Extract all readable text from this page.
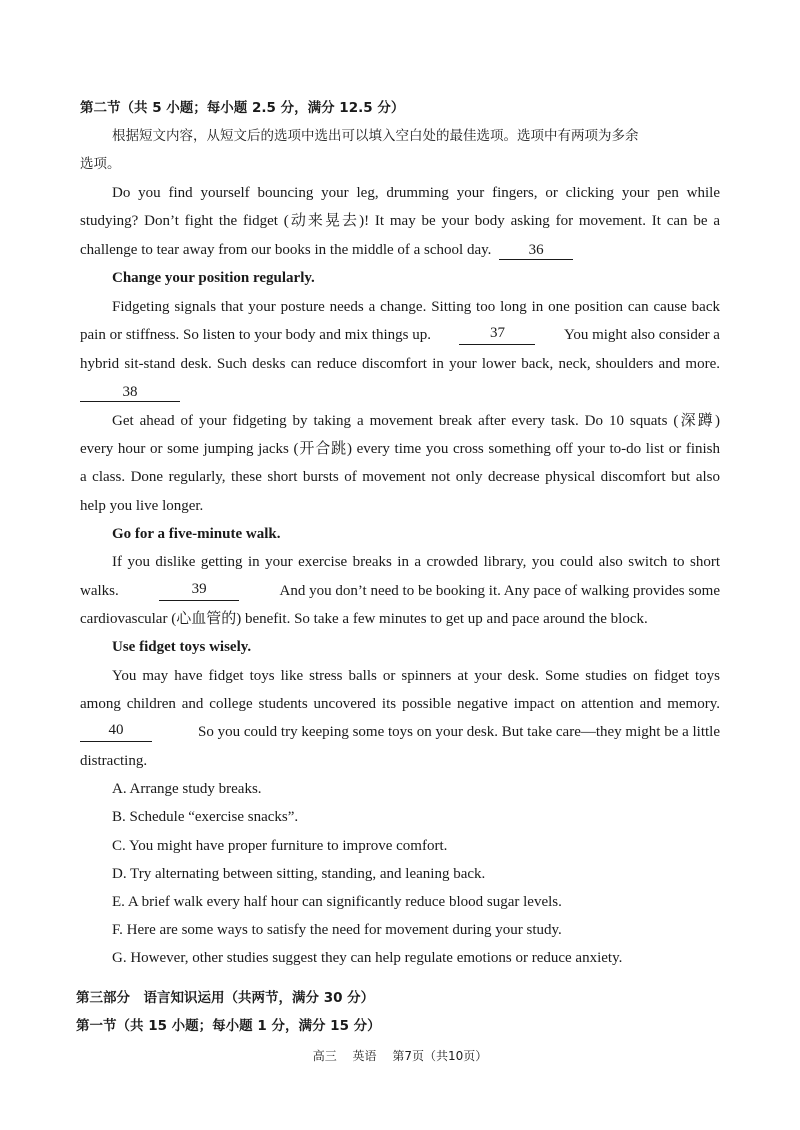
第二节（共 5 小题；每小题 2.5 分，满分 12.5 分）
根据短文内容，从短文后的选项中选出可以填入空白处的最佳选项。选项中有两项为多余
选项。
Do you find yourself bouncing your leg, drumming your fingers, or clicking your pen while
studying? Don’t fight the fidget (动来晃去)! It may be your body asking for movement. It can be a
challenge to tear away from our books in the middle of a school day. 36
Change your position regularly.
Fidgeting signals that your posture needs a change. Sitting too long in one position can cause back
pain or stiffness. So listen to your body and mix things up.	37	You might also consider a
hybrid sit-stand desk. Such desks can reduce discomfort in your lower back, neck, shoulders and more.
38
Get ahead of your fidgeting by taking a movement break after every task. Do 10 squats (深蹲)
every hour or some jumping jacks (开合跳) every time you cross something off your to-do list or finish
a class. Done regularly, these short bursts of movement not only decrease physical discomfort but also
help you live longer.
Go for a five-minute walk.
If you dislike getting in your exercise breaks in a crowded library, you could also switch to short
walks.	39	And you don’t need to be booking it. Any pace of walking provides some
cardiovascular (心血管的) benefit. So take a few minutes to get up and pace around the block.
Use fidget toys wisely.
You may have fidget toys like stress balls or spinners at your desk. Some studies on fidget toys
among children and college students uncovered its possible negative impact on attention and memory.
40	So you could try keeping some toys on your desk. But take care—they might be a little
distracting.
A. Arrange study breaks.
B. Schedule “exercise snacks”.
C. You might have proper furniture to improve comfort.
D. Try alternating between sitting, standing, and leaning back.
E. A brief walk every half hour can significantly reduce blood sugar levels.
F. Here are some ways to satisfy the need for movement during your study.
G. However, other studies suggest they can help regulate emotions or reduce anxiety.
第三部分　语言知识运用（共两节，满分 30 分）
第一节（共 15 小题；每小题 1 分，满分 15 分）
高三 英语 第7页（共10页）
